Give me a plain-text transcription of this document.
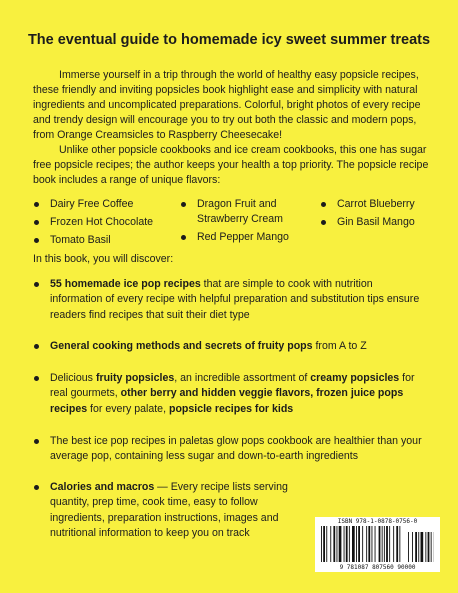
The eventual guide to homemade icy sweet summer treats

Immerse yourself in a trip through the world of healthy easy popsicle recipes, these friendly and inviting popsicles book highlight ease and simplicity with natural ingredients and uncomplicated preparations. Colorful, bright photos of every recipe and trendy design will encourage you to try out both the classic and modern pops, from Orange Creamsicles to Raspberry Cheesecake!

Unlike other popsicle cookbooks and ice cream cookbooks, this one has sugar free popsicle recipes; the author keeps your health a top priority. The popsicle recipe book includes a range of unique flavors:

Dairy Free Coffee
Frozen Hot Chocolate
Tomato Basil
Dragon Fruit and Strawberry Cream
Red Pepper Mango
Carrot Blueberry
Gin Basil Mango
In this book, you will discover:
55 homemade ice pop recipes that are simple to cook with nutrition information of every recipe with helpful preparation and substitution tips ensure readers find recipes that suit their diet type
General cooking methods and secrets of fruity pops from A to Z
Delicious fruity popsicles, an incredible assortment of creamy popsicles for real gourmets, other berry and hidden veggie flavors, frozen juice pops recipes for every palate, popsicle recipes for kids
The best ice pop recipes in paletas glow pops cookbook are healthier than your average pop, containing less sugar and down-to-earth ingredients
Calories and macros — Every recipe lists serving quantity, prep time, cook time, easy to follow ingredients, preparation instructions, images and nutritional information to keep you on track
ISBN 978-1-0878-0756-0
9 781087 807560 90000
